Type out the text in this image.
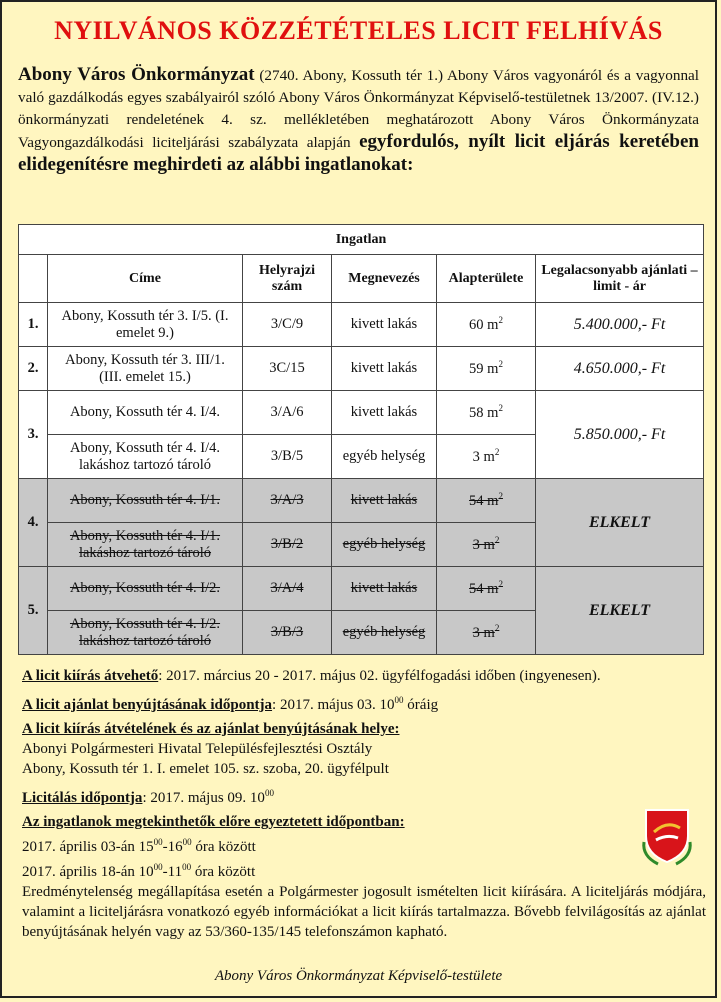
NYILVÁNOS KÖZZÉTÉTELES LICIT FELHÍVÁS
Abony Város Önkormányzat (2740. Abony, Kossuth tér 1.) Abony Város vagyonáról és a vagyonnal való gazdálkodás egyes szabályairól szóló Abony Város Önkormányzat Képviselő-testületnek 13/2007. (IV.12.) önkormányzati rendeletének 4. sz. mellékletében meghatározott Abony Város Önkormányzata Vagyongazdálkodási liciteljárási szabályzata alapján egyfordulós, nyílt licit eljárás keretében elidegenítésre meghirdeti az alábbi ingatlanokat:
Ingatlan					
	Címe	Helyrajzi szám	Megnevezés	Alapterülete	Legalacsonyabb ajánlati – limit - ár
1.	Abony, Kossuth tér 3. I/5. (I. emelet 9.)	3/C/9	kivett lakás	60 $m^2$	5.400.000,- Ft
2.	Abony, Kossuth tér 3. III/1. (III. emelet 15.)	3C/15	kivett lakás	59 $m^2$	4.650.000,- Ft
3.	Abony, Kossuth tér 4. I/4.	3/A/6	kivett lakás	58 $m^2$	5.850.000,- Ft
	Abony, Kossuth tér 4. I/4. lakáshoz tartozó tároló	3/B/5	egyéb helység	3 $m^2$
4.	Abony, Kossuth tér 4. I/1.	3/A/3	kivett lakás	54 $m^2$	ELKELT
	Abony, Kossuth tér 4. I/1. lakáshoz tartozó tároló	3/B/2	egyéb helység	3 $m^2$
5.	Abony, Kossuth tér 4. I/2.	3/A/4	kivett lakás	54 $m^2$	ELKELT
	Abony, Kossuth tér 4. I/2. lakáshoz tartozó tároló	3/B/3	egyéb helység	3 $m^2$

A licit kiírás átvehető: 2017. március 20 - 2017. május 02. ügyfélfogadási időben (ingyenesen).

A licit ajánlat benyújtásának időpontja: 2017. május 03. $10^{00}$ óráig

A licit kiírás átvételének és az ajánlat benyújtásának helye:

Abonyi Polgármesteri Hivatal Településfejlesztési Osztály

Abony, Kossuth tér 1. I. emelet 105. sz. szoba, 20. ügyfélpult

Licitálás időpontja: 2017. május 09. $10^{00}$

Az ingatlanok megtekinthetők előre egyeztetett időpontban:

2017. április 03-án $15^{00}-16^{00}$ óra között

2017. április 18-án $10^{00}-11^{00}$ óra között

Eredménytelenség megállapítása esetén a Polgármester jogosult ismételten licit kiírására. A liciteljárás módjára, valamint a liciteljárásra vonatkozó egyéb információkat a licit kiírás tartalmazza. Bővebb felvilágosítás az ajánlat benyújtásának helyén vagy az 53/360-135/145 telefonszámon kapható.

Abony Város Önkormányzat Képviselő-testülete
